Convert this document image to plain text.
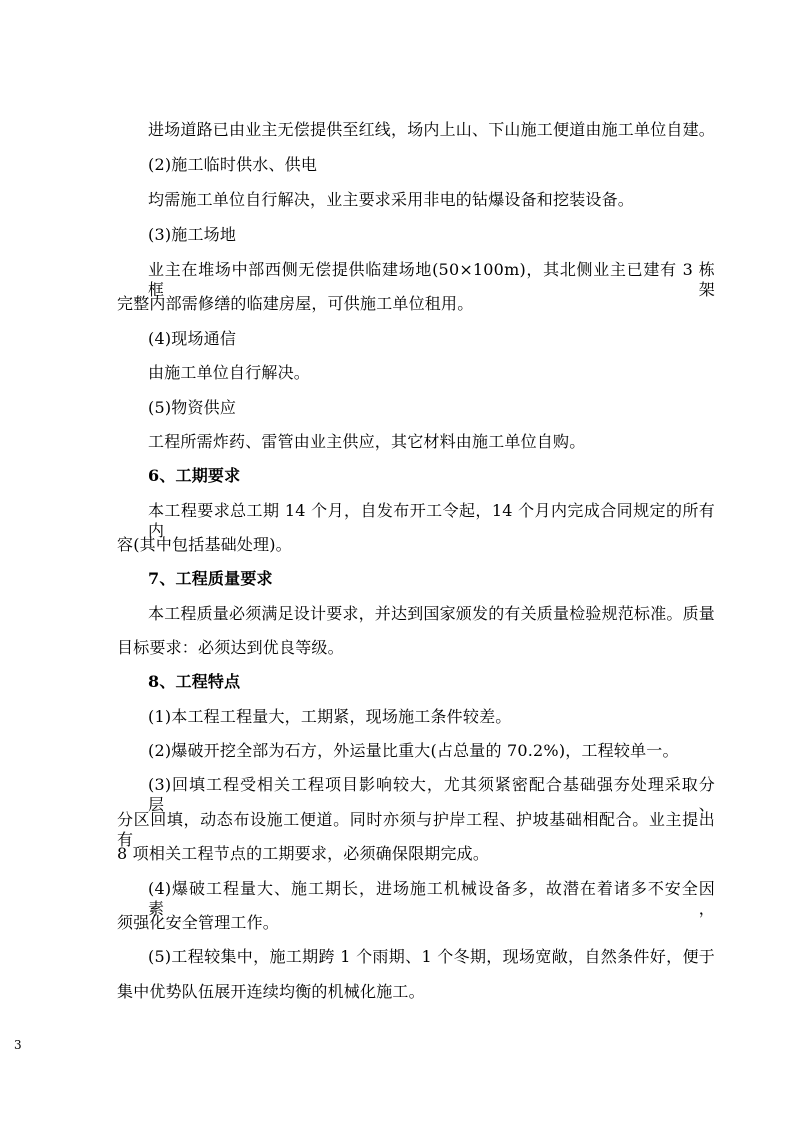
进场道路已由业主无偿提供至红线，场内上山、下山施工便道由施工单位自建。
(2)施工临时供水、供电
均需施工单位自行解决，业主要求采用非电的钻爆设备和挖装设备。
(3)施工场地
业主在堆场中部西侧无偿提供临建场地(50×100m)，其北侧业主已建有 3 栋框架
完整内部需修缮的临建房屋，可供施工单位租用。
(4)现场通信
由施工单位自行解决。
(5)物资供应
工程所需炸药、雷管由业主供应，其它材料由施工单位自购。
6、工期要求
本工程要求总工期 14 个月，自发布开工令起，14 个月内完成合同规定的所有内
容(其中包括基础处理)。
7、工程质量要求
本工程质量必须满足设计要求，并达到国家颁发的有关质量检验规范标准。质量
目标要求：必须达到优良等级。
8、工程特点
(1)本工程工程量大，工期紧，现场施工条件较差。
(2)爆破开挖全部为石方，外运量比重大(占总量的 70.2%)，工程较单一。
(3)回填工程受相关工程项目影响较大，尤其须紧密配合基础强夯处理采取分层、
分区回填，动态布设施工便道。同时亦须与护岸工程、护坡基础相配合。业主提出有
8 项相关工程节点的工期要求，必须确保限期完成。
(4)爆破工程量大、施工期长，进场施工机械设备多，故潜在着诸多不安全因素，
须强化安全管理工作。
(5)工程较集中，施工期跨 1 个雨期、1 个冬期，现场宽敞，自然条件好，便于
集中优势队伍展开连续均衡的机械化施工。
3
